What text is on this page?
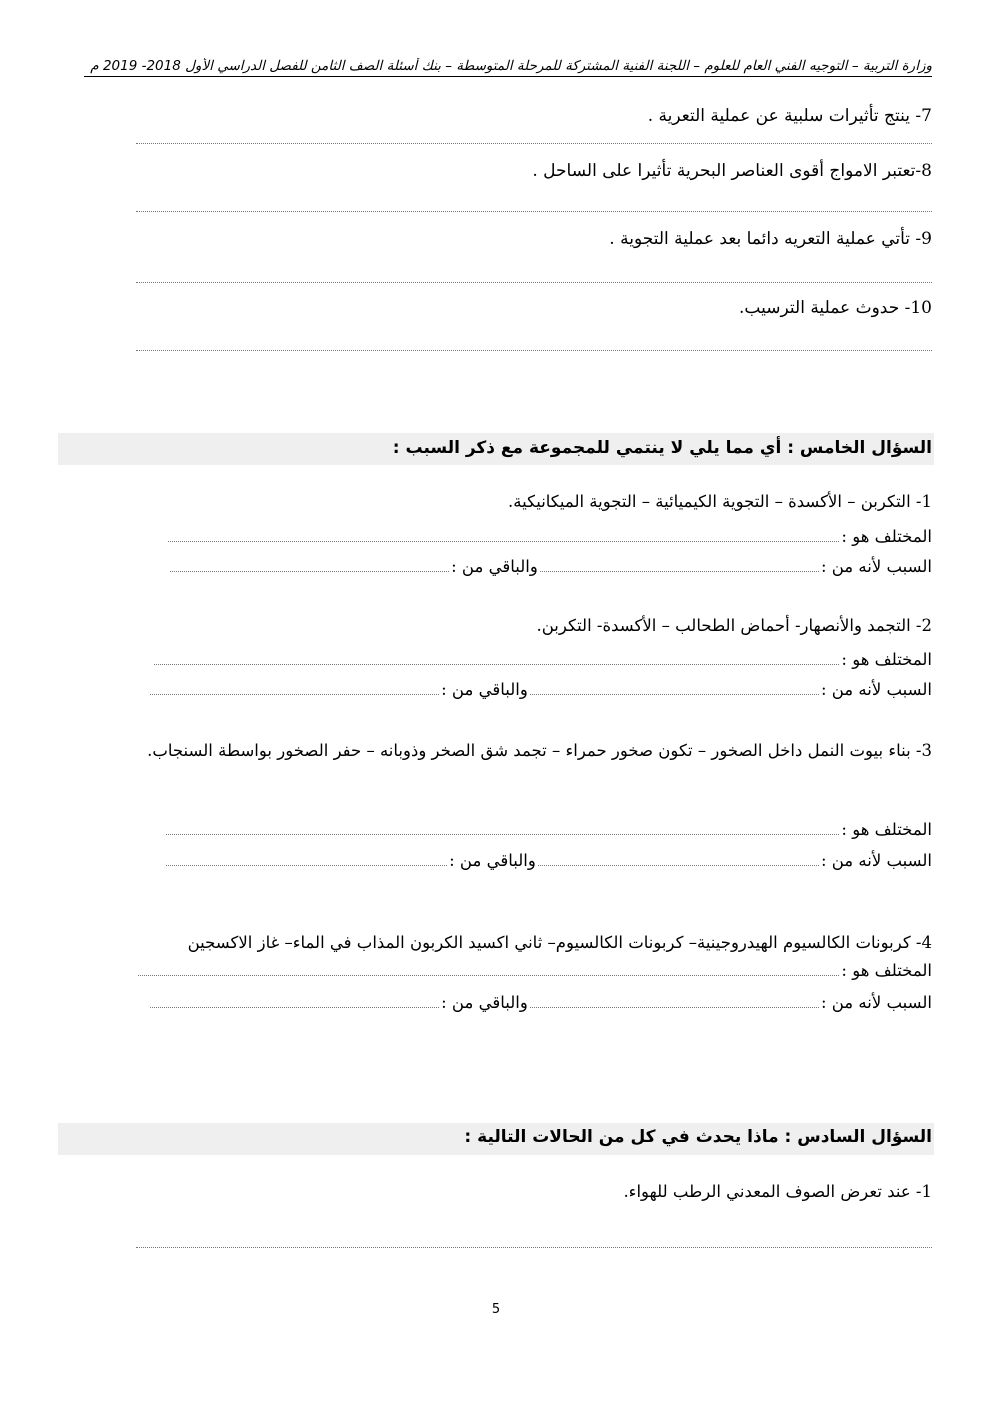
وزارة التربية – التوجيه الفني العام للعلوم – اللجنة الفنية المشتركة للمرحلة المتوسطة – بنك أسئلة الصف الثامن للفصل الدراسي الأول 2018- 2019 م
7- ينتج تأثيرات سلبية عن عملية التعرية .
8-تعتبر الامواج أقوى العناصر البحرية تأثيرا على الساحل .
9- تأتي عملية التعريه دائما بعد عملية التجوية .
10- حدوث عملية الترسيب.
السؤال الخامس : أي مما يلي لا ينتمي للمجموعة مع ذكر السبب :
1- التكربن – الأكسدة – التجوية الكيميائية – التجوية الميكانيكية.
المختلف هو :
السبب لأنه من :
والباقي من :
2- التجمد والأنصهار- أحماض الطحالب – الأكسدة- التكربن.
المختلف هو :
السبب لأنه من :
والباقي من :
3- بناء بيوت النمل داخل الصخور – تكون صخور حمراء – تجمد شق الصخر وذوبانه – حفر الصخور بواسطة السنجاب.
المختلف هو :
السبب لأنه من :
والباقي من :
4- كربونات الكالسيوم الهيدروجينية– كربونات الكالسيوم– ثاني اكسيد الكربون المذاب في الماء– غاز الاكسجين
المختلف هو :
السبب لأنه من :
والباقي من :
السؤال السادس : ماذا يحدث في كل من الحالات التالية :
1- عند تعرض الصوف المعدني الرطب للهواء.
5
